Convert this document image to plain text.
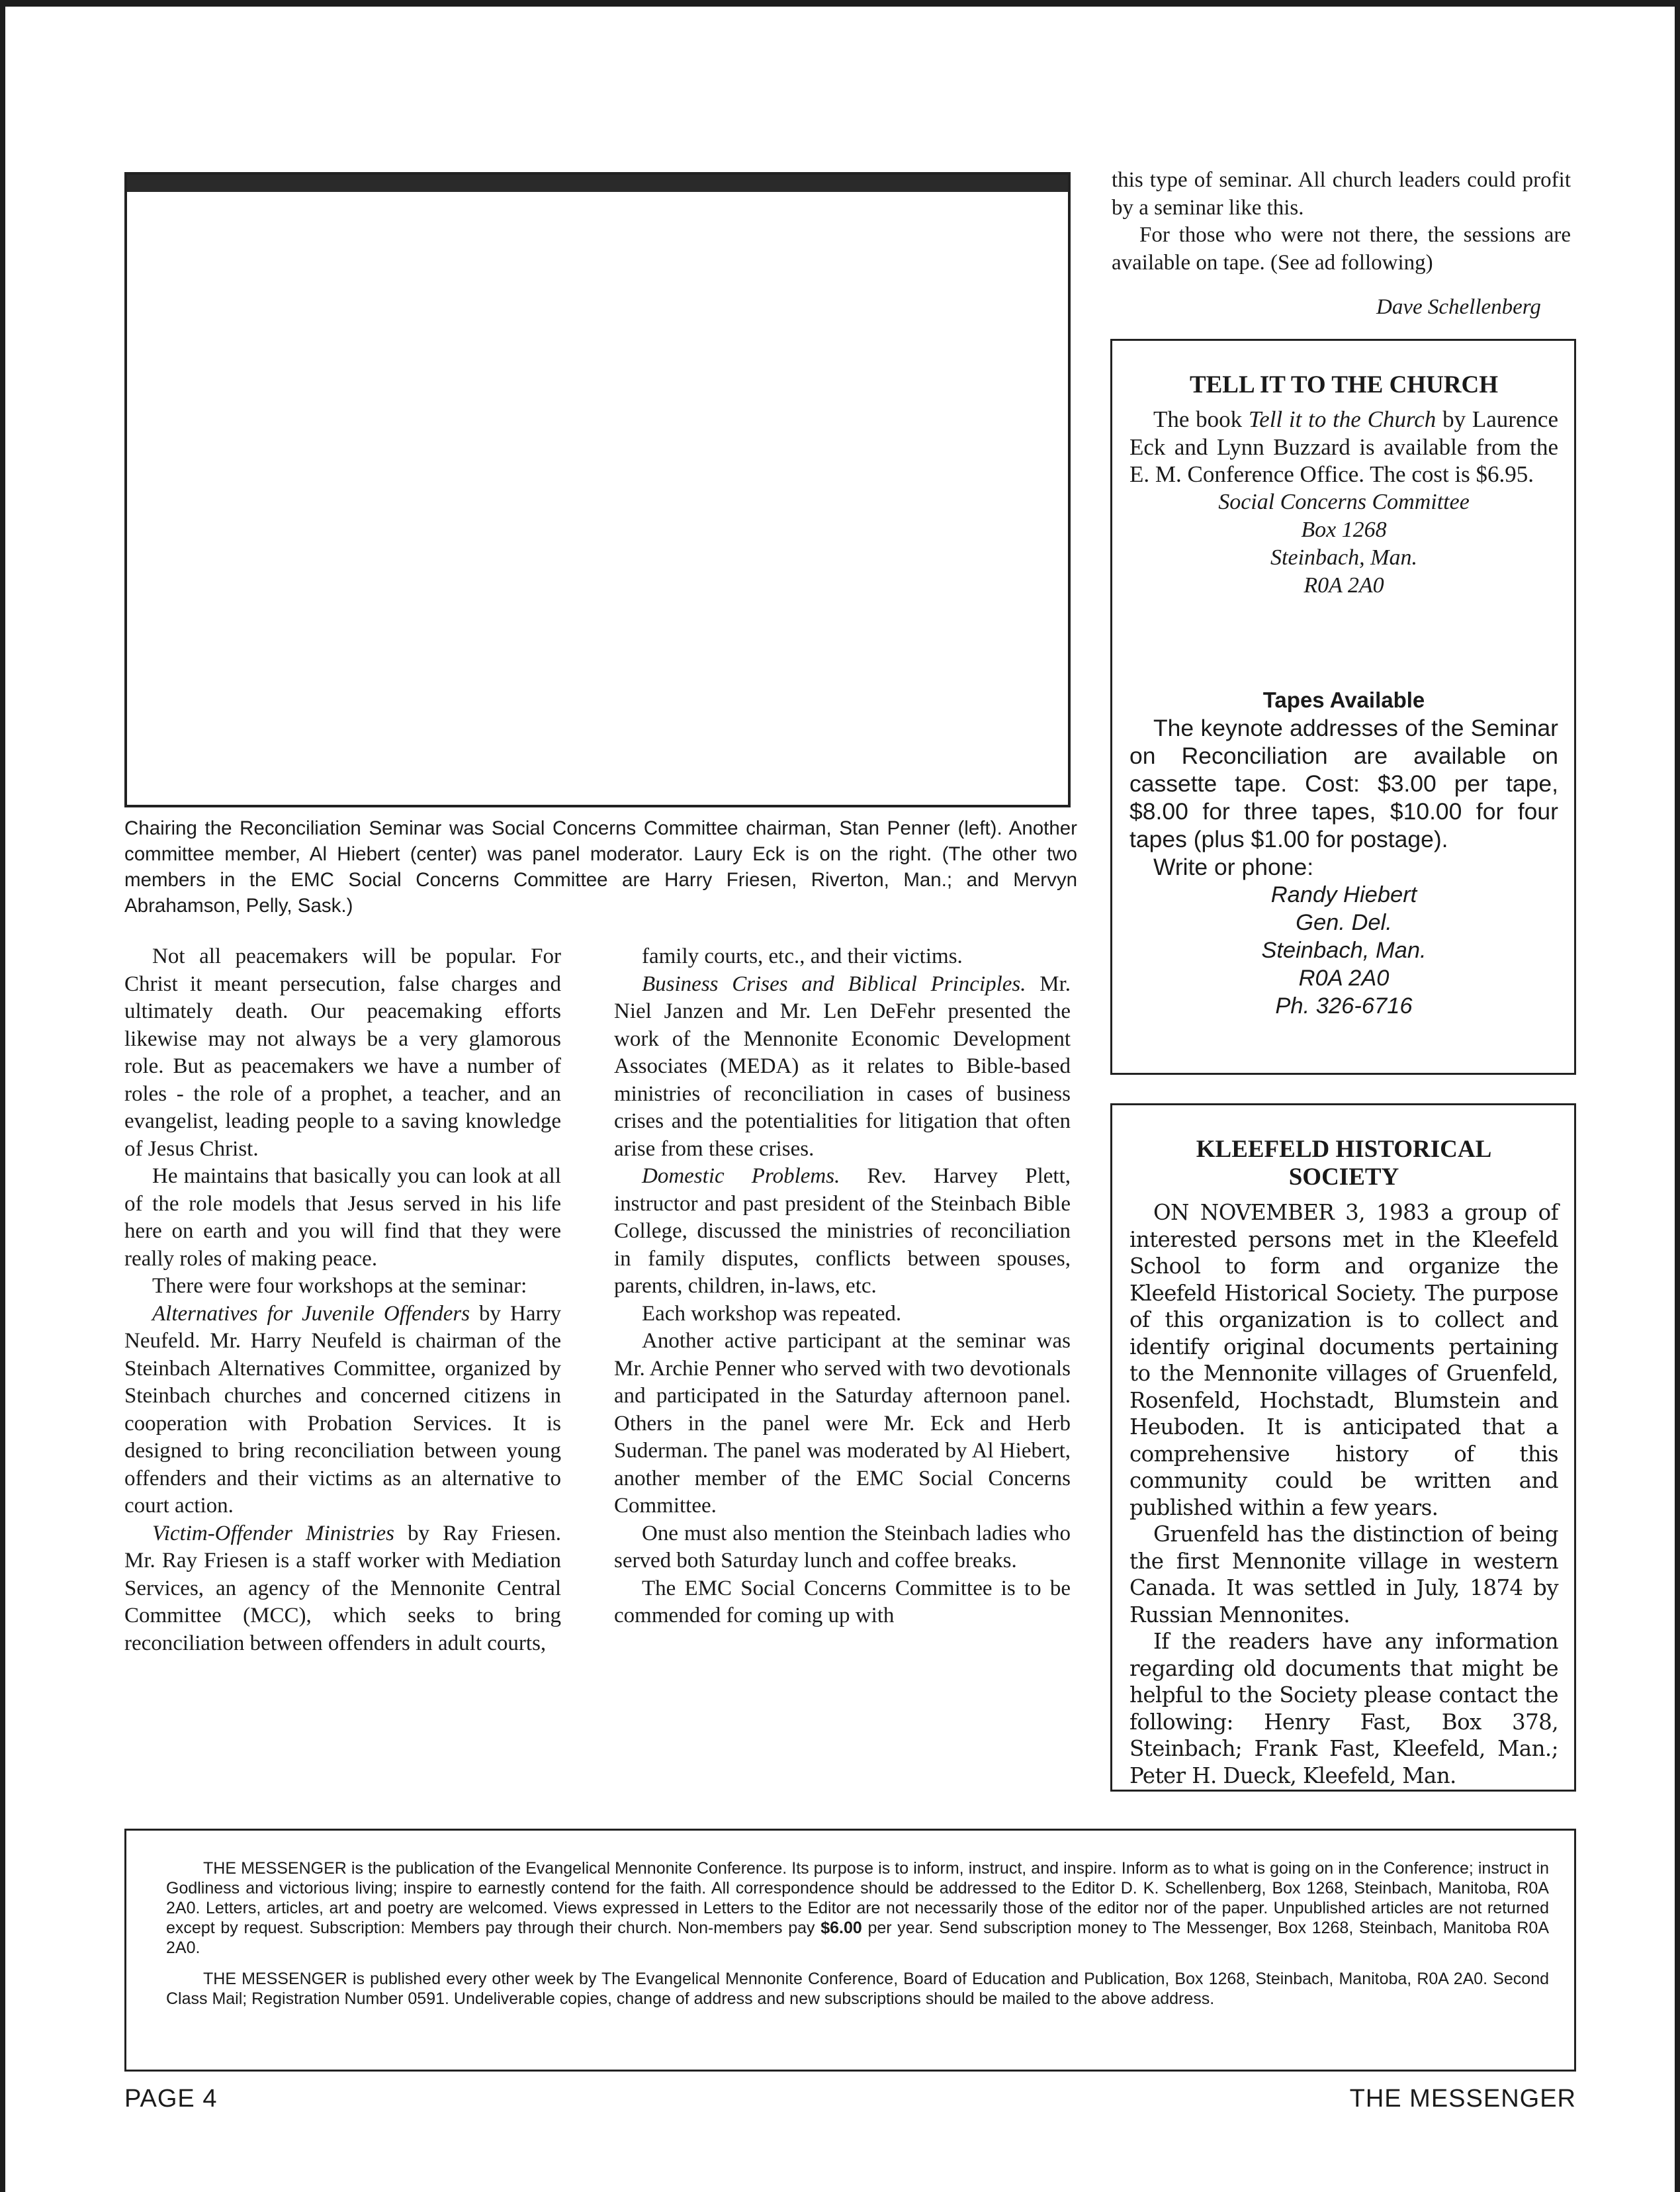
Chairing the Reconciliation Seminar was Social Concerns Committee chairman, Stan Penner (left). Another committee member, Al Hiebert (center) was panel moderator. Laury Eck is on the right. (The other two members in the EMC Social Concerns Committee are Harry Friesen, Riverton, Man.; and Mervyn Abrahamson, Pelly, Sask.)

Not all peacemakers will be popular. For Christ it meant persecution, false charges and ultimately death. Our peacemaking efforts likewise may not always be a very glamorous role. But as peacemakers we have a number of roles - the role of a prophet, a teacher, and an evangelist, leading people to a saving knowledge of Jesus Christ.

He maintains that basically you can look at all of the role models that Jesus served in his life here on earth and you will find that they were really roles of making peace.

There were four workshops at the seminar:

Alternatives for Juvenile Offenders by Harry Neufeld. Mr. Harry Neufeld is chairman of the Steinbach Alternatives Committee, organized by Steinbach churches and concerned citizens in cooperation with Probation Services. It is designed to bring reconciliation between young offenders and their victims as an alternative to court action.

Victim-Offender Ministries by Ray Friesen. Mr. Ray Friesen is a staff worker with Mediation Services, an agency of the Mennonite Central Committee (MCC), which seeks to bring reconciliation between offenders in adult courts,

family courts, etc., and their victims.

Business Crises and Biblical Principles. Mr. Niel Janzen and Mr. Len DeFehr presented the work of the Mennonite Economic Development Associates (MEDA) as it relates to Bible-based ministries of reconciliation in cases of business crises and the potentialities for litigation that often arise from these crises.

Domestic Problems. Rev. Harvey Plett, instructor and past president of the Steinbach Bible College, discussed the ministries of reconciliation in family disputes, conflicts between spouses, parents, children, in-laws, etc.

Each workshop was repeated.

Another active participant at the seminar was Mr. Archie Penner who served with two devotionals and participated in the Saturday afternoon panel. Others in the panel were Mr. Eck and Herb Suderman. The panel was moderated by Al Hiebert, another member of the EMC Social Concerns Committee.

One must also mention the Steinbach ladies who served both Saturday lunch and coffee breaks.

The EMC Social Concerns Committee is to be commended for coming up with

this type of seminar. All church leaders could profit by a seminar like this.

For those who were not there, the sessions are available on tape. (See ad following)

Dave Schellenberg
TELL IT TO THE CHURCH

The book Tell it to the Church by Laurence Eck and Lynn Buzzard is available from the E. M. Conference Office. The cost is $6.95.

Social Concerns Committee
Box 1268
Steinbach, Man.
R0A 2A0
Tapes Available

The keynote addresses of the Seminar on Reconciliation are available on cassette tape. Cost: $3.00 per tape, $8.00 for three tapes, $10.00 for four tapes (plus $1.00 for postage).

Write or phone:
Randy Hiebert
Gen. Del.
Steinbach, Man.
R0A 2A0
Ph. 326-6716
KLEEFELD HISTORICAL
SOCIETY

ON NOVEMBER 3, 1983 a group of interested persons met in the Kleefeld School to form and organize the Kleefeld Historical Society. The purpose of this organization is to collect and identify original documents pertaining to the Mennonite villages of Gruenfeld, Rosenfeld, Hochstadt, Blumstein and Heuboden. It is anticipated that a comprehensive history of this community could be written and published within a few years.

Gruenfeld has the distinction of being the first Mennonite village in western Canada. It was settled in July, 1874 by Russian Mennonites.

If the readers have any information regarding old documents that might be helpful to the Society please contact the following: Henry Fast, Box 378, Steinbach; Frank Fast, Kleefeld, Man.; Peter H. Dueck, Kleefeld, Man.

THE MESSENGER is the publication of the Evangelical Mennonite Conference. Its purpose is to inform, instruct, and inspire. Inform as to what is going on in the Conference; instruct in Godliness and victorious living; inspire to earnestly contend for the faith. All correspondence should be addressed to the Editor D. K. Schellenberg, Box 1268, Steinbach, Manitoba, R0A 2A0. Letters, articles, art and poetry are welcomed. Views expressed in Letters to the Editor are not necessarily those of the editor nor of the paper. Unpublished articles are not returned except by request. Subscription: Members pay through their church. Non-members pay $6.00 per year. Send subscription money to The Messenger, Box 1268, Steinbach, Manitoba R0A 2A0.

THE MESSENGER is published every other week by The Evangelical Mennonite Conference, Board of Education and Publication, Box 1268, Steinbach, Manitoba, R0A 2A0. Second Class Mail; Registration Number 0591. Undeliverable copies, change of address and new subscriptions should be mailed to the above address.

PAGE 4	THE MESSENGER
